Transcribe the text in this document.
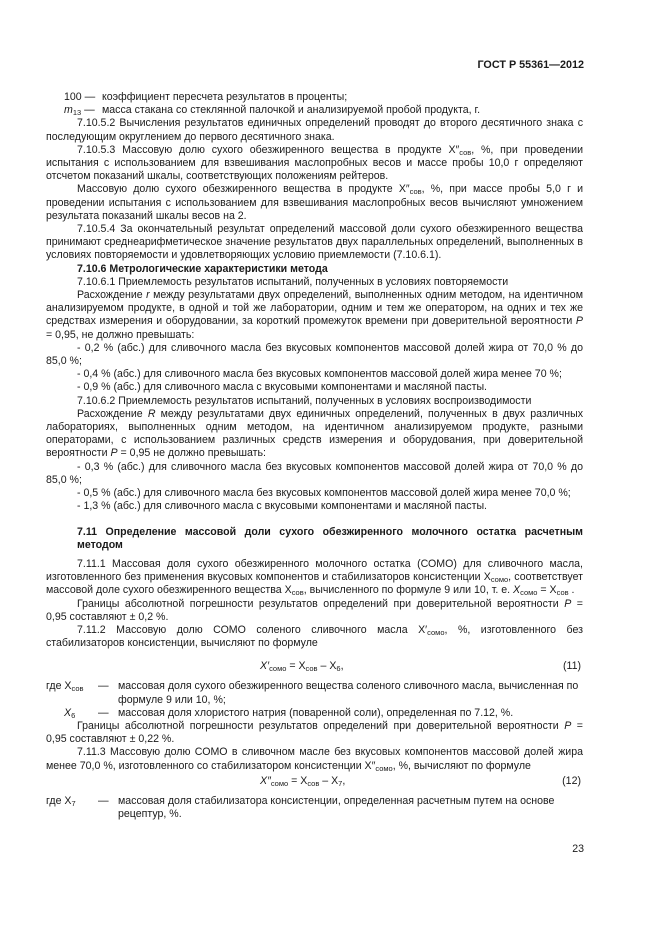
ГОСТ Р 55361—2012
100 — коэффициент пересчета результатов в проценты;
$m_{13}$ — масса стакана со стеклянной палочкой и анализируемой пробой продукта, г.

7.10.5.2 Вычисления результатов единичных определений проводят до второго десятичного знака с последующим округлением до первого десятичного знака.

7.10.5.3 Массовую долю сухого обезжиренного вещества в продукте $X''_{сов}$, %, при проведении испытания с использованием для взвешивания маслопробных весов и массе пробы 10,0 г определяют отсчетом показаний шкалы, соответствующих положениям рейтеров.

Массовую долю сухого обезжиренного вещества в продукте $X''_{сов}$, %, при массе пробы 5,0 г и проведении испытания с использованием для взвешивания маслопробных весов вычисляют умножением результата показаний шкалы весов на 2.

7.10.5.4 За окончательный результат определений массовой доли сухого обезжиренного вещества принимают среднеарифметическое значение результатов двух параллельных определений, выполненных в условиях повторяемости и удовлетворяющих условию приемлемости (7.10.6.1).

7.10.6 Метрологические характеристики метода

7.10.6.1 Приемлемость результатов испытаний, полученных в условиях повторяемости

Расхождение r между результатами двух определений, выполненных одним методом, на идентичном анализируемом продукте, в одной и той же лаборатории, одним и тем же оператором, на одних и тех же средствах измерения и оборудовании, за короткий промежуток времени при доверительной вероятности P = 0,95, не должно превышать:

- 0,2 % (абс.) для сливочного масла без вкусовых компонентов массовой долей жира от 70,0 % до 85,0 %;

- 0,4 % (абс.) для сливочного масла без вкусовых компонентов массовой долей жира менее 70 %;

- 0,9 % (абс.) для сливочного масла с вкусовыми компонентами и масляной пасты.

7.10.6.2 Приемлемость результатов испытаний, полученных в условиях воспроизводимости

Расхождение R между результатами двух единичных определений, полученных в двух различных лабораториях, выполненных одним методом, на идентичном анализируемом продукте, разными операторами, с использованием различных средств измерения и оборудования, при доверительной вероятности P = 0,95 не должно превышать:

- 0,3 % (абс.) для сливочного масла без вкусовых компонентов массовой долей жира от 70,0 % до 85,0 %;

- 0,5 % (абс.) для сливочного масла без вкусовых компонентов массовой долей жира менее 70,0 %;

- 1,3 % (абс.) для сливочного масла с вкусовыми компонентами и масляной пасты.

7.11 Определение массовой доли сухого обезжиренного молочного остатка расчетным методом

7.11.1 Массовая доля сухого обезжиренного молочного остатка (СОМО) для сливочного масла, изготовленного без применения вкусовых компонентов и стабилизаторов консистенции $X_{сомо}$, соответствует массовой доле сухого обезжиренного вещества $X_{сов}$, вычисленного по формуле 9 или 10, т. е. $X_{сомо} = X_{сов}$ .

Границы абсолютной погрешности результатов определений при доверительной вероятности P = 0,95 составляют ± 0,2 %.

7.11.2 Массовую долю СОМО соленого сливочного масла $X'_{сомо}$, %, изготовленного без стабилизаторов консистенции, вычисляют по формуле

$X'_{сомо} = X_{сов} - X_6$,	(11)
где $X_{сов}$	— массовая доля сухого обезжиренного вещества соленого сливочного масла, вычисленная по формуле 9 или 10, %;
$X_6$	— массовая доля хлористого натрия (поваренной соли), определенная по 7.12, %.

Границы абсолютной погрешности результатов определений при доверительной вероятности P = 0,95 составляют ± 0,22 %.

7.11.3 Массовую долю СОМО в сливочном масле без вкусовых компонентов массовой долей жира менее 70,0 %, изготовленного со стабилизатором консистенции $X''_{сомо}$, %, вычисляют по формуле

$X''_{сомо} = X_{сов} - X_7$,	(12)
где $X_7$	— массовая доля стабилизатора консистенции, определенная расчетным путем на основе рецептур, %.
23
